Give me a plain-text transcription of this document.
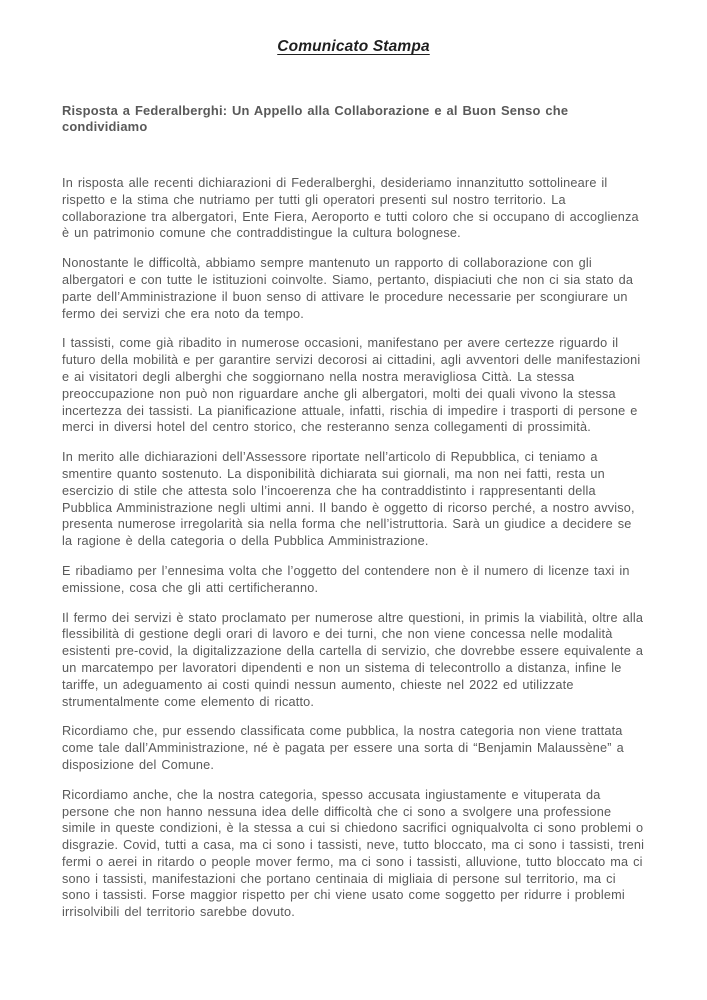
Comunicato Stampa
Risposta a Federalberghi: Un Appello alla Collaborazione e al Buon Senso che condividiamo

In risposta alle recenti dichiarazioni di Federalberghi, desideriamo innanzitutto sottolineare il rispetto e la stima che nutriamo per tutti gli operatori presenti sul nostro territorio. La collaborazione tra albergatori, Ente Fiera, Aeroporto e tutti coloro che si occupano di accoglienza è un patrimonio comune che contraddistingue la cultura bolognese.

Nonostante le difficoltà, abbiamo sempre mantenuto un rapporto di collaborazione con gli albergatori e con tutte le istituzioni coinvolte. Siamo, pertanto, dispiaciuti che non ci sia stato da parte dell’Amministrazione il buon senso di attivare le procedure necessarie per scongiurare un fermo dei servizi che era noto da tempo.

I tassisti, come già ribadito in numerose occasioni, manifestano per avere certezze riguardo il futuro della mobilità e per garantire servizi decorosi ai cittadini, agli avventori delle manifestazioni e ai visitatori degli alberghi che soggiornano nella nostra meravigliosa Città. La stessa preoccupazione non può non riguardare anche gli albergatori, molti dei quali vivono la stessa incertezza dei tassisti. La pianificazione attuale, infatti, rischia di impedire i trasporti di persone e merci in diversi hotel del centro storico, che resteranno senza collegamenti di prossimità.

In merito alle dichiarazioni dell’Assessore riportate nell’articolo di Repubblica, ci teniamo a smentire quanto sostenuto. La disponibilità dichiarata sui giornali, ma non nei fatti, resta un esercizio di stile che attesta solo l’incoerenza che ha contraddistinto i rappresentanti della Pubblica Amministrazione negli ultimi anni. Il bando è oggetto di ricorso perché, a nostro avviso, presenta numerose irregolarità sia nella forma che nell’istruttoria. Sarà un giudice a decidere se la ragione è della categoria o della Pubblica Amministrazione.

E ribadiamo per l’ennesima volta che l’oggetto del contendere non è il numero di licenze taxi in emissione, cosa che gli atti certificheranno.

Il fermo dei servizi è stato proclamato per numerose altre questioni, in primis la viabilità, oltre alla flessibilità di gestione degli orari di lavoro e dei turni, che non viene concessa nelle modalità esistenti pre-covid, la digitalizzazione della cartella di servizio, che dovrebbe essere equivalente a un marcatempo per lavoratori dipendenti e non un sistema di telecontrollo a distanza, infine le tariffe, un adeguamento ai costi quindi nessun aumento, chieste nel 2022 ed utilizzate strumentalmente come elemento di ricatto.

Ricordiamo che, pur essendo classificata come pubblica, la nostra categoria non viene trattata come tale dall’Amministrazione, né è pagata per essere una sorta di “Benjamin Malaussène” a disposizione del Comune.

Ricordiamo anche, che la nostra categoria, spesso accusata ingiustamente e vituperata da persone che non hanno nessuna idea delle difficoltà che ci sono a svolgere una professione simile in queste condizioni, è la stessa a cui si chiedono sacrifici ogniqualvolta ci sono problemi o disgrazie. Covid, tutti a casa, ma ci sono i tassisti, neve, tutto bloccato, ma ci sono i tassisti, treni fermi o aerei in ritardo o people mover fermo, ma ci sono i tassisti, alluvione, tutto bloccato ma ci sono i tassisti, manifestazioni che portano centinaia di migliaia di persone sul territorio, ma ci sono i tassisti. Forse maggior rispetto per chi viene usato come soggetto per ridurre i problemi irrisolvibili del territorio sarebbe dovuto.
